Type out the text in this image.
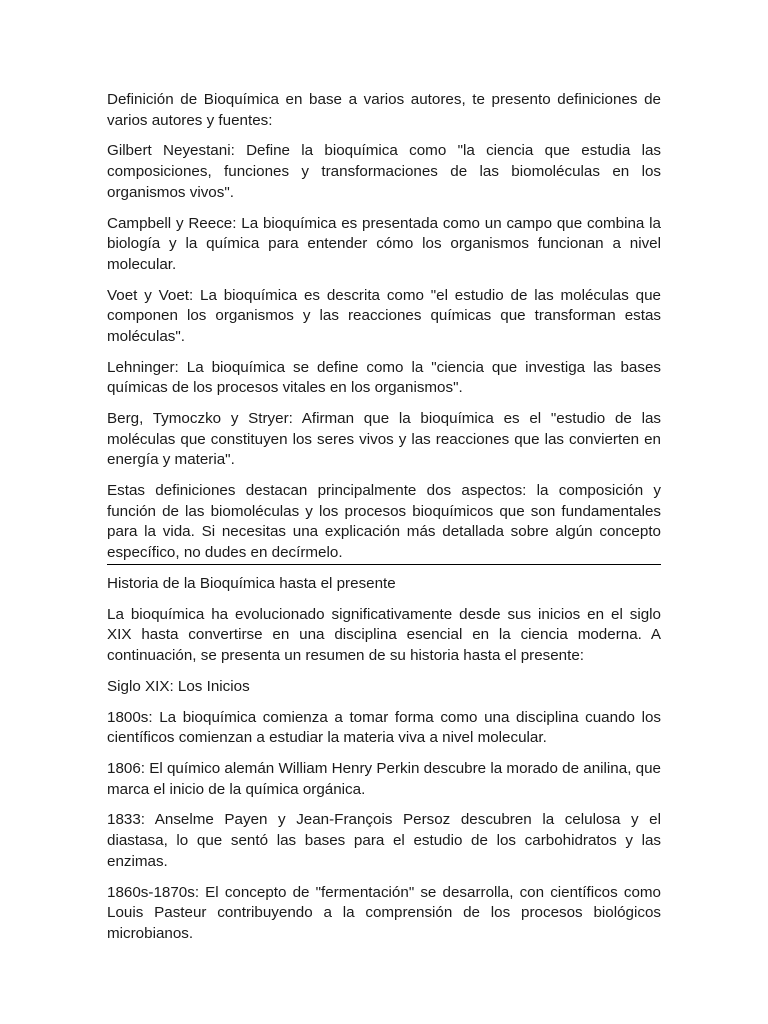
Definición de Bioquímica en base a varios autores, te presento definiciones de varios autores y fuentes:

Gilbert Neyestani: Define la bioquímica como "la ciencia que estudia las composiciones, funciones y transformaciones de las biomoléculas en los organismos vivos".

Campbell y Reece: La bioquímica es presentada como un campo que combina la biología y la química para entender cómo los organismos funcionan a nivel molecular.

Voet y Voet: La bioquímica es descrita como "el estudio de las moléculas que componen los organismos y las reacciones químicas que transforman estas moléculas".

Lehninger: La bioquímica se define como la "ciencia que investiga las bases químicas de los procesos vitales en los organismos".

Berg, Tymoczko y Stryer: Afirman que la bioquímica es el "estudio de las moléculas que constituyen los seres vivos y las reacciones que las convierten en energía y materia".

Estas definiciones destacan principalmente dos aspectos: la composición y función de las biomoléculas y los procesos bioquímicos que son fundamentales para la vida. Si necesitas una explicación más detallada sobre algún concepto específico, no dudes en decírmelo.

Historia de la Bioquímica hasta el presente

La bioquímica ha evolucionado significativamente desde sus inicios en el siglo XIX hasta convertirse en una disciplina esencial en la ciencia moderna. A continuación, se presenta un resumen de su historia hasta el presente:

Siglo XIX: Los Inicios

1800s: La bioquímica comienza a tomar forma como una disciplina cuando los científicos comienzan a estudiar la materia viva a nivel molecular.

1806: El químico alemán William Henry Perkin descubre la morado de anilina, que marca el inicio de la química orgánica.

1833: Anselme Payen y Jean-François Persoz descubren la celulosa y el diastasa, lo que sentó las bases para el estudio de los carbohidratos y las enzimas.

1860s-1870s: El concepto de "fermentación" se desarrolla, con científicos como Louis Pasteur contribuyendo a la comprensión de los procesos biológicos microbianos.
